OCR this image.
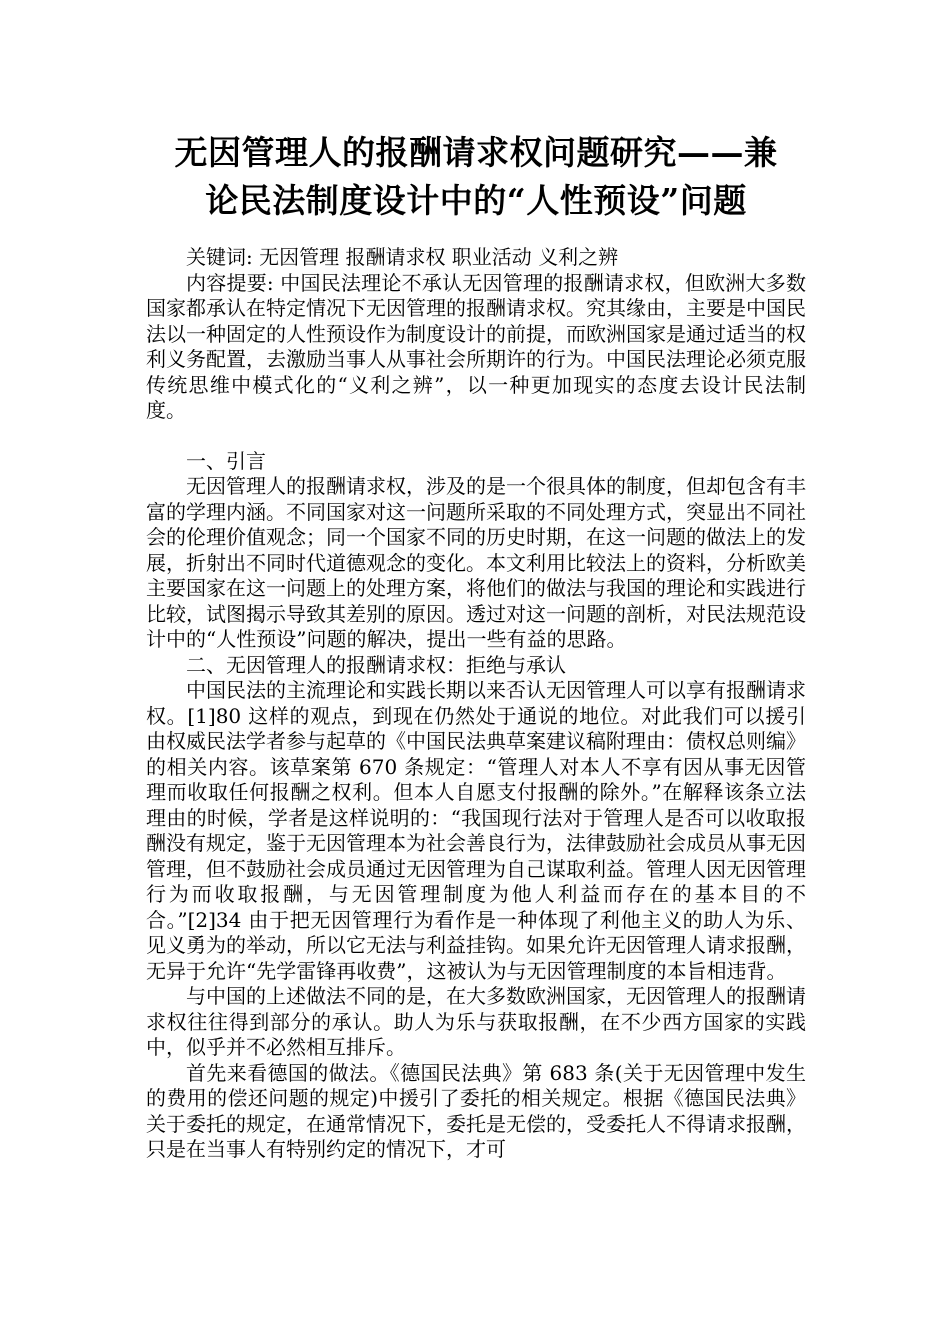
无因管理人的报酬请求权问题研究——兼
论民法制度设计中的“人性预设”问题

关键词: 无因管理 报酬请求权 职业活动 义利之辨

内容提要: 中国民法理论不承认无因管理的报酬请求权，但欧洲大多数国家都承认在特定情况下无因管理的报酬请求权。究其缘由，主要是中国民法以一种固定的人性预设作为制度设计的前提，而欧洲国家是通过适当的权利义务配置，去激励当事人从事社会所期许的行为。中国民法理论必须克服传统思维中模式化的“义利之辨”，以一种更加现实的态度去设计民法制度。

一、引言

无因管理人的报酬请求权，涉及的是一个很具体的制度，但却包含有丰富的学理内涵。不同国家对这一问题所采取的不同处理方式，突显出不同社会的伦理价值观念；同一个国家不同的历史时期，在这一问题的做法上的发展，折射出不同时代道德观念的变化。本文利用比较法上的资料，分析欧美主要国家在这一问题上的处理方案，将他们的做法与我国的理论和实践进行比较，试图揭示导致其差别的原因。透过对这一问题的剖析，对民法规范设计中的“人性预设”问题的解决，提出一些有益的思路。

二、无因管理人的报酬请求权：拒绝与承认

中国民法的主流理论和实践长期以来否认无因管理人可以享有报酬请求权。[1]80 这样的观点，到现在仍然处于通说的地位。对此我们可以援引由权威民法学者参与起草的《中国民法典草案建议稿附理由：债权总则编》的相关内容。该草案第 670 条规定：“管理人对本人不享有因从事无因管理而收取任何报酬之权利。但本人自愿支付报酬的除外。”在解释该条立法理由的时候，学者是这样说明的：“我国现行法对于管理人是否可以收取报酬没有规定，鉴于无因管理本为社会善良行为，法律鼓励社会成员从事无因管理，但不鼓励社会成员通过无因管理为自己谋取利益。管理人因无因管理行为而收取报酬，与无因管理制度为他人利益而存在的基本目的不合。”[2]34 由于把无因管理行为看作是一种体现了利他主义的助人为乐、见义勇为的举动，所以它无法与利益挂钩。如果允许无因管理人请求报酬，无异于允许“先学雷锋再收费”，这被认为与无因管理制度的本旨相违背。

与中国的上述做法不同的是，在大多数欧洲国家，无因管理人的报酬请求权往往得到部分的承认。助人为乐与获取报酬，在不少西方国家的实践中，似乎并不必然相互排斥。

首先来看德国的做法。《德国民法典》第 683 条(关于无因管理中发生的费用的偿还问题的规定)中援引了委托的相关规定。根据《德国民法典》关于委托的规定，在通常情况下，委托是无偿的，受委托人不得请求报酬，只是在当事人有特别约定的情况下，才可
